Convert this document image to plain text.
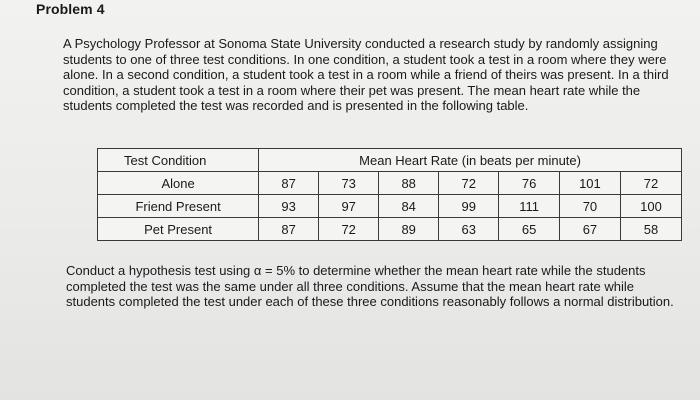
Problem 4

A Psychology Professor at Sonoma State University conducted a research study by randomly assigning students to one of three test conditions. In one condition, a student took a test in a room where they were alone. In a second condition, a student took a test in a room while a friend of theirs was present. In a third condition, a student took a test in a room where their pet was present. The mean heart rate while the students completed the test was recorded and is presented in the following table.

Test Condition	Mean Heart Rate (in beats per minute)						
Alone	87	73	88	72	76	101	72
Friend Present	93	97	84	99	111	70	100
Pet Present	87	72	89	63	65	67	58

Conduct a hypothesis test using α = 5% to determine whether the mean heart rate while the students completed the test was the same under all three conditions. Assume that the mean heart rate while students completed the test under each of these three conditions reasonably follows a normal distribution.
